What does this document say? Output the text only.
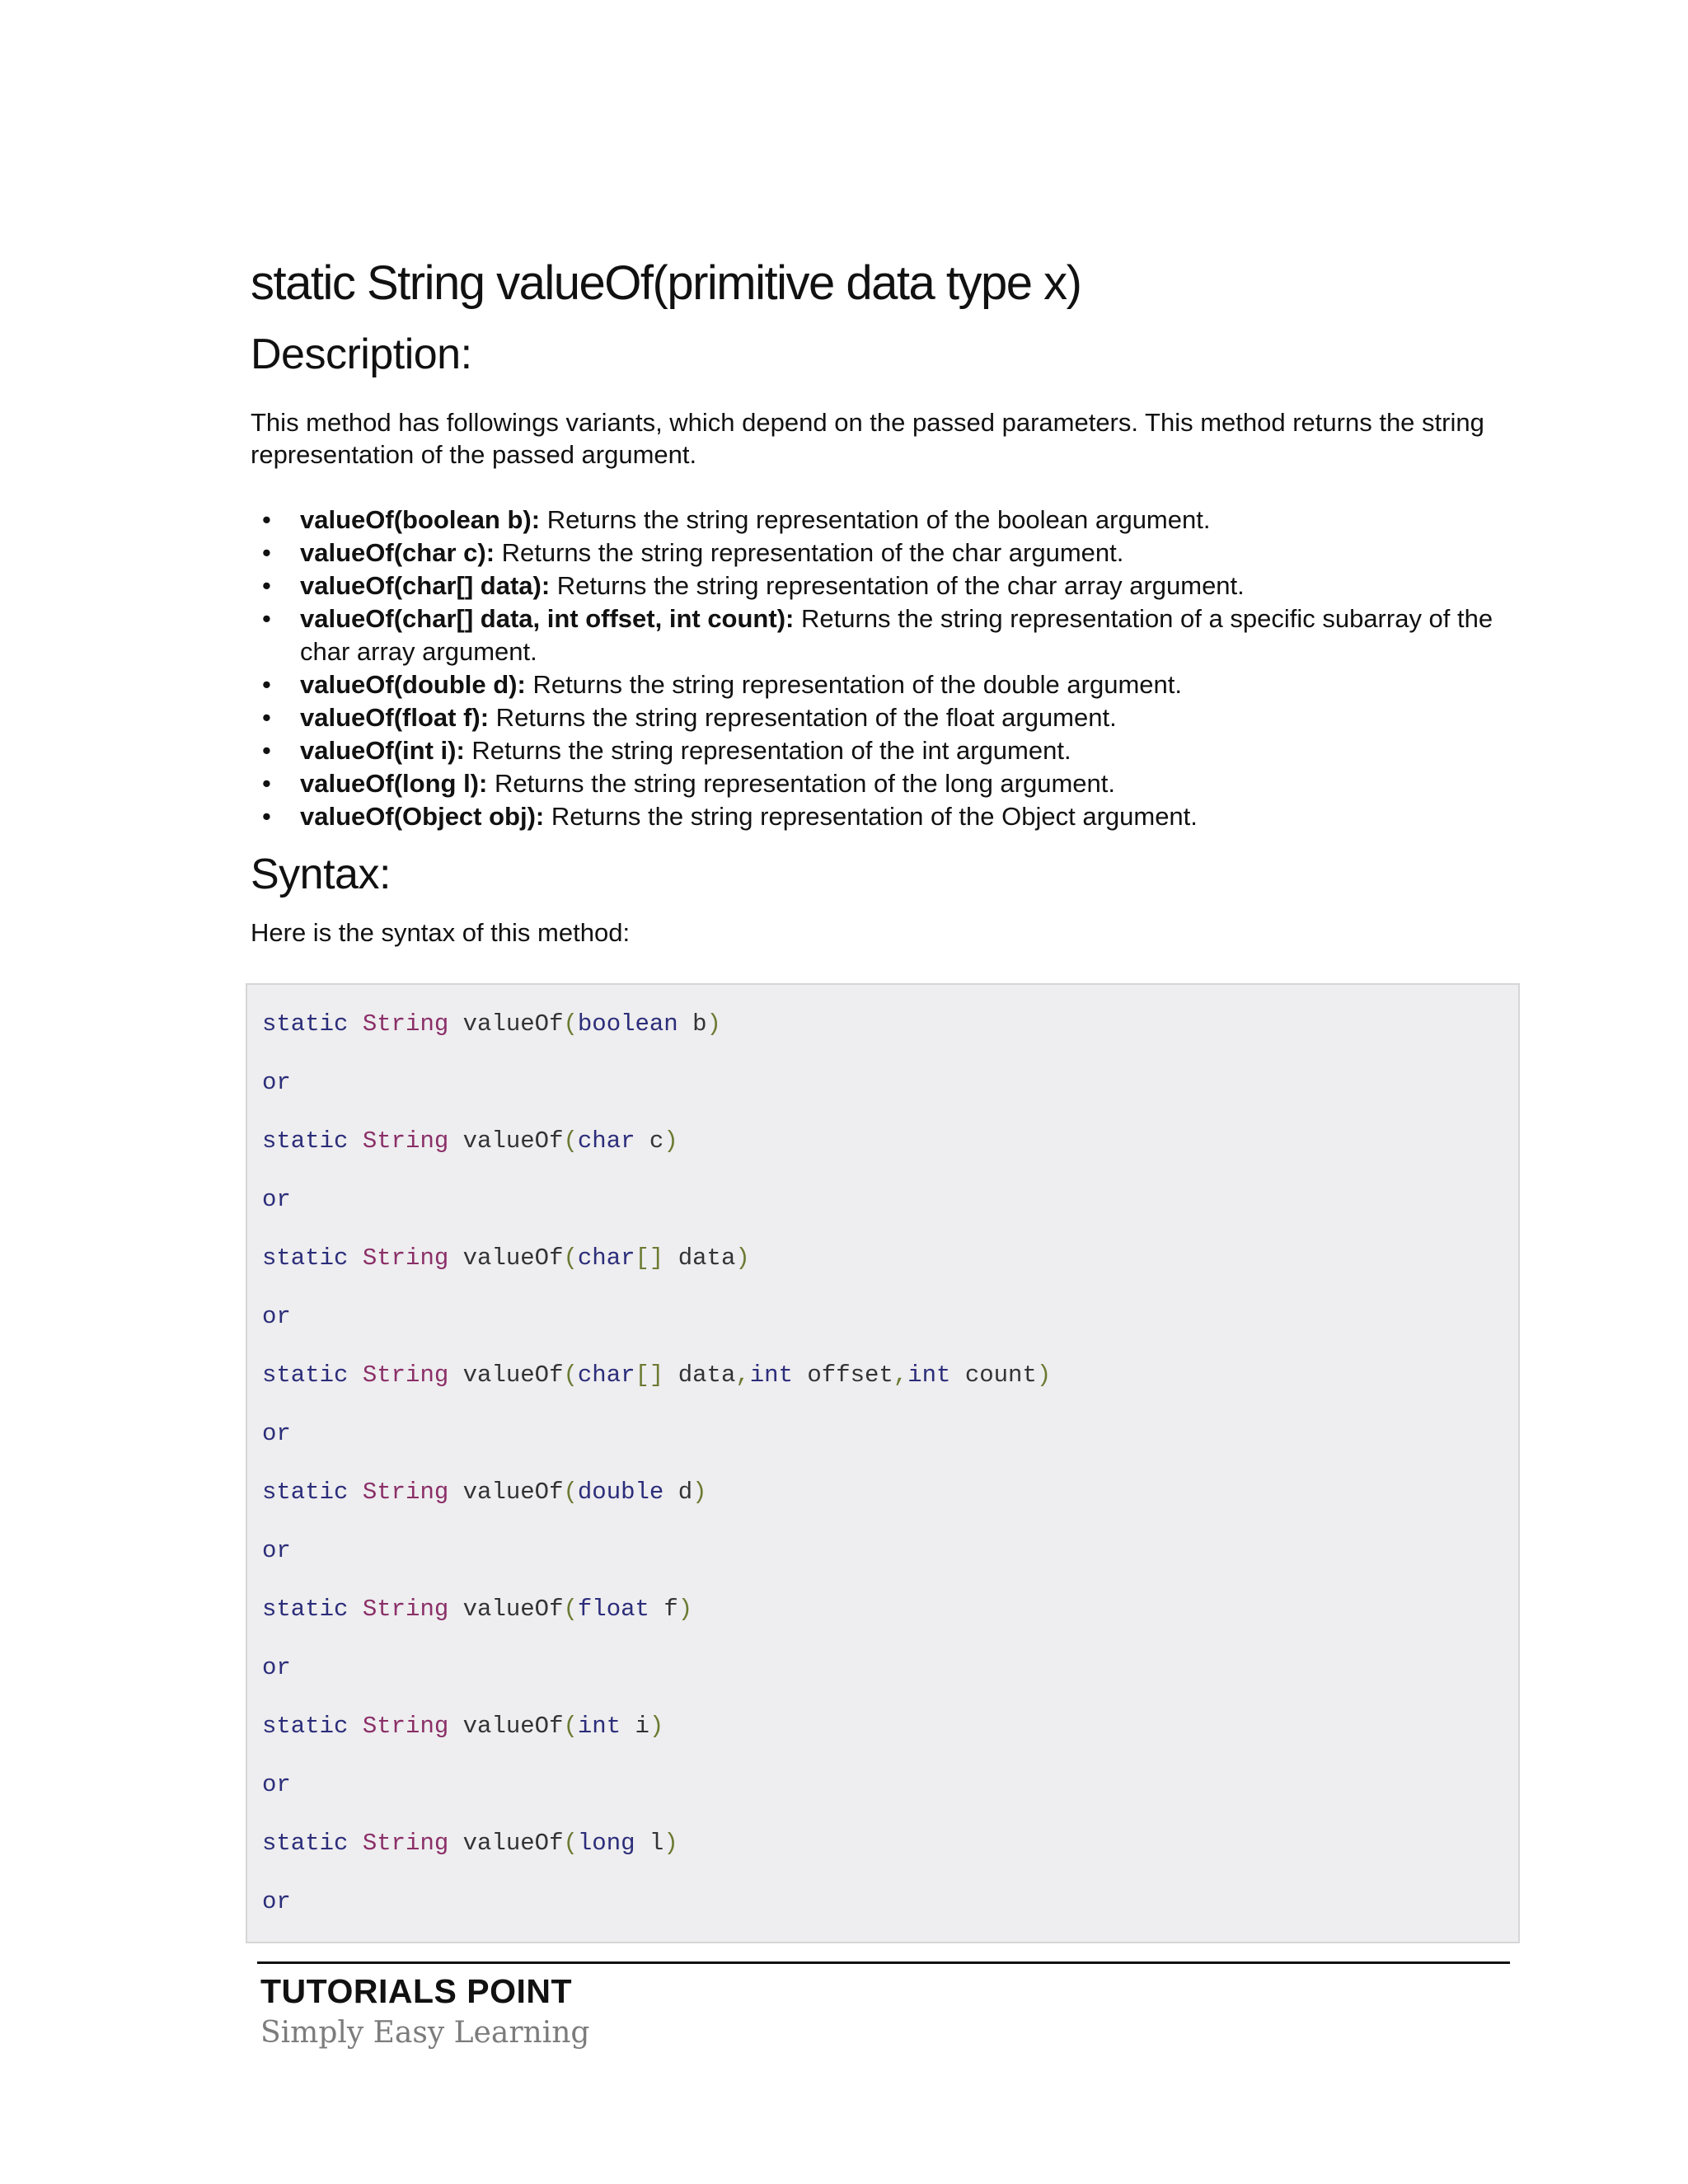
static String valueOf(primitive data type x)
Description:

This method has followings variants, which depend on the passed parameters. This method returns the string representation of the passed argument.

• valueOf(boolean b): Returns the string representation of the boolean argument.
• valueOf(char c): Returns the string representation of the char argument.
• valueOf(char[] data): Returns the string representation of the char array argument.
• valueOf(char[] data, int offset, int count): Returns the string representation of a specific subarray of the char array argument.
• valueOf(double d): Returns the string representation of the double argument.
• valueOf(float f): Returns the string representation of the float argument.
• valueOf(int i): Returns the string representation of the int argument.
• valueOf(long l): Returns the string representation of the long argument.
• valueOf(Object obj): Returns the string representation of the Object argument.
Syntax:

Here is the syntax of this method:

static String valueOf(boolean b)
or
static String valueOf(char c)
or
static String valueOf(char[] data)
or
static String valueOf(char[] data,int offset,int count)
or
static String valueOf(double d)
or
static String valueOf(float f)
or
static String valueOf(int i)
or
static String valueOf(long l)
or
TUTORIALS POINT
Simply Easy Learning
